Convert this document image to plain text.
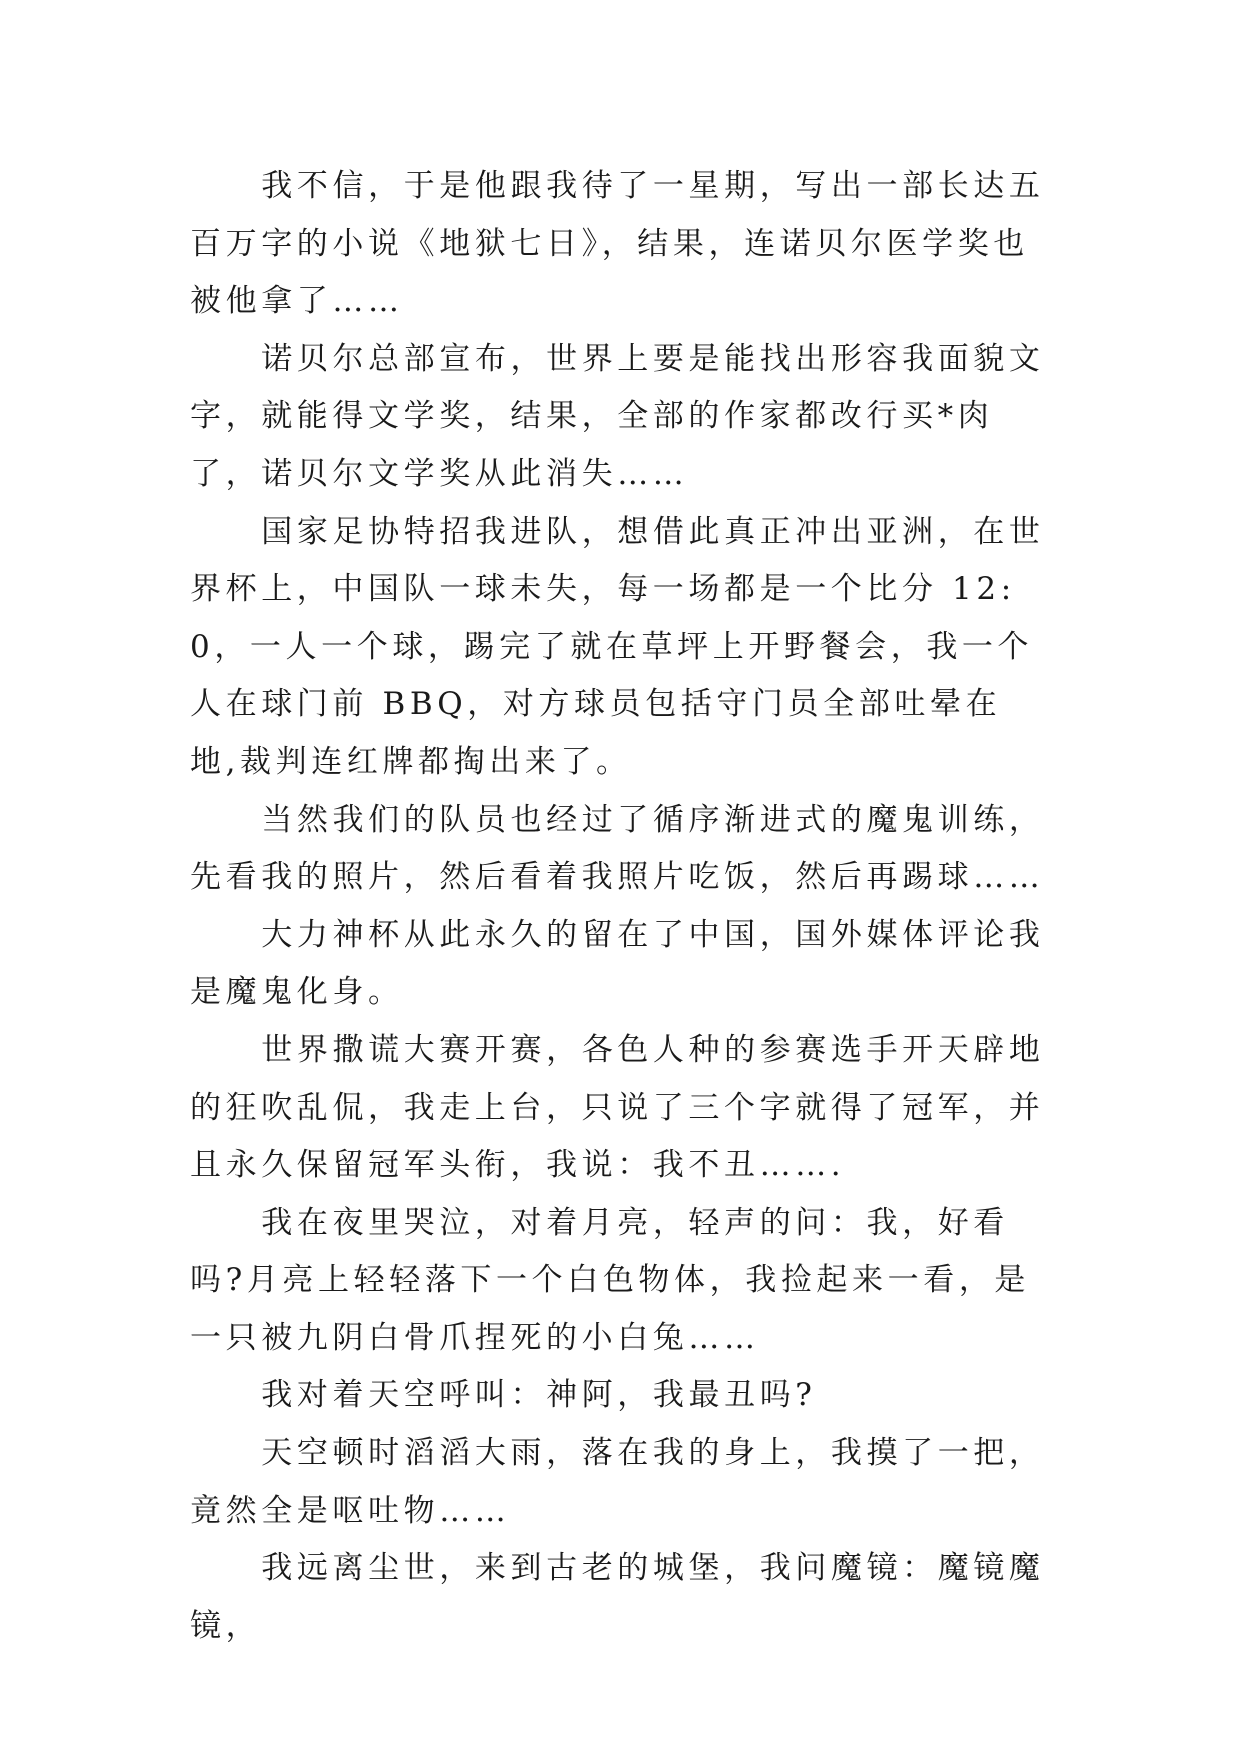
我不信，于是他跟我待了一星期，写出一部长达五百万字的小说《地狱七日》，结果，连诺贝尔医学奖也被他拿了……

诺贝尔总部宣布，世界上要是能找出形容我面貌文字，就能得文学奖，结果，全部的作家都改行买*肉了，诺贝尔文学奖从此消失……

国家足协特招我进队，想借此真正冲出亚洲，在世界杯上，中国队一球未失，每一场都是一个比分 12:0，一人一个球，踢完了就在草坪上开野餐会，我一个人在球门前 BBQ，对方球员包括守门员全部吐晕在地,裁判连红牌都掏出来了。

当然我们的队员也经过了循序渐进式的魔鬼训练，先看我的照片，然后看着我照片吃饭，然后再踢球……

大力神杯从此永久的留在了中国，国外媒体评论我是魔鬼化身。

世界撒谎大赛开赛，各色人种的参赛选手开天辟地的狂吹乱侃，我走上台，只说了三个字就得了冠军，并且永久保留冠军头衔，我说：我不丑…….

我在夜里哭泣，对着月亮，轻声的问：我，好看吗?月亮上轻轻落下一个白色物体，我捡起来一看，是一只被九阴白骨爪捏死的小白兔……

我对着天空呼叫：神阿，我最丑吗?

天空顿时滔滔大雨，落在我的身上，我摸了一把，竟然全是呕吐物……

我远离尘世，来到古老的城堡，我问魔镜：魔镜魔镜，
